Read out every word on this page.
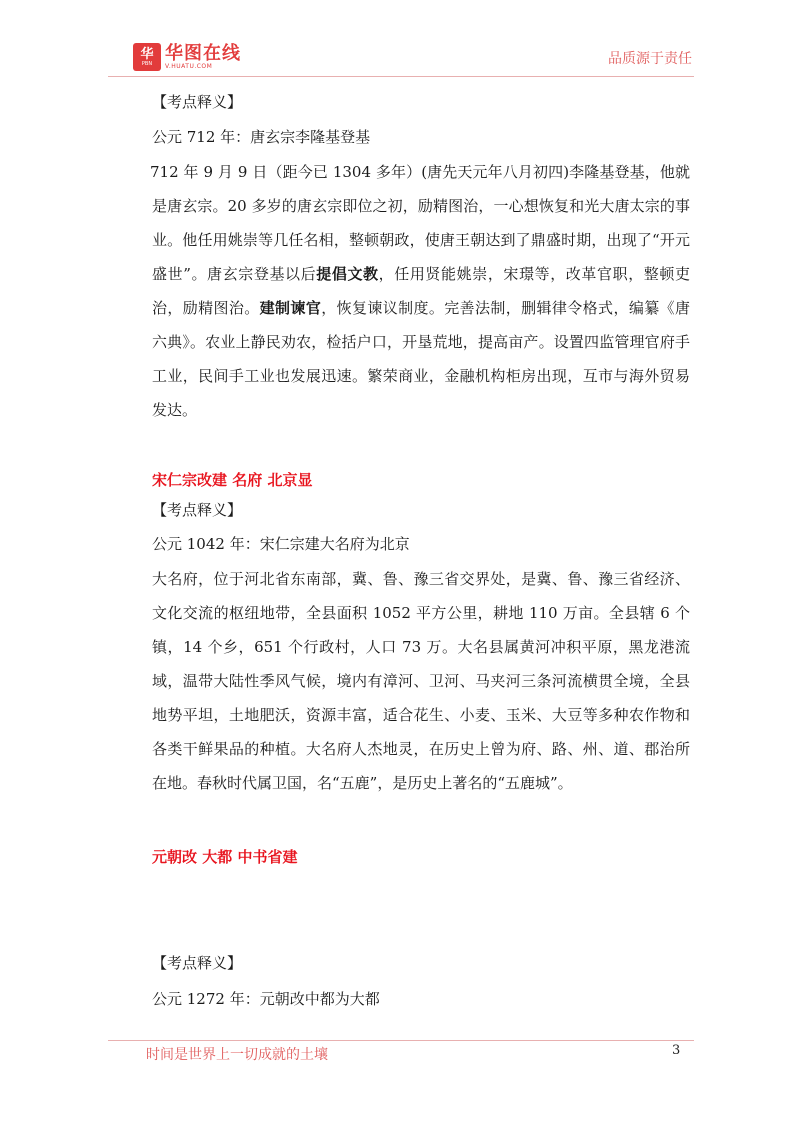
华
PBN 华图在线
V.HUATU.COM	品质源于责任

【考点释义】

公元 712 年：唐玄宗李隆基登基

712 年 9 月 9 日（距今已 1304 多年）(唐先天元年八月初四)李隆基登基，他就是唐玄宗。20 多岁的唐玄宗即位之初，励精图治，一心想恢复和光大唐太宗的事业。他任用姚崇等几任名相，整顿朝政，使唐王朝达到了鼎盛时期，出现了“开元盛世”。唐玄宗登基以后提倡文教，任用贤能姚崇，宋璟等，改革官职，整顿吏治，励精图治。建制谏官，恢复谏议制度。完善法制，删辑律令格式，编纂《唐六典》。农业上静民劝农，检括户口，开垦荒地，提高亩产。设置四监管理官府手工业，民间手工业也发展迅速。繁荣商业，金融机构柜房出现，互市与海外贸易发达。

宋仁宗改建 名府 北京显

【考点释义】

公元 1042 年：宋仁宗建大名府为北京

大名府，位于河北省东南部，冀、鲁、豫三省交界处，是冀、鲁、豫三省经济、文化交流的枢纽地带，全县面积 1052 平方公里，耕地 110 万亩。全县辖 6 个镇，14 个乡，651 个行政村，人口 73 万。大名县属黄河冲积平原，黑龙港流域，温带大陆性季风气候，境内有漳河、卫河、马夹河三条河流横贯全境，全县地势平坦，土地肥沃，资源丰富，适合花生、小麦、玉米、大豆等多种农作物和各类干鲜果品的种植。大名府人杰地灵，在历史上曾为府、路、州、道、郡治所在地。春秋时代属卫国，名“五鹿”，是历史上著名的“五鹿城”。

元朝改 大都 中书省建

【考点释义】

公元 1272 年：元朝改中都为大都

时间是世界上一切成就的土壤	3
